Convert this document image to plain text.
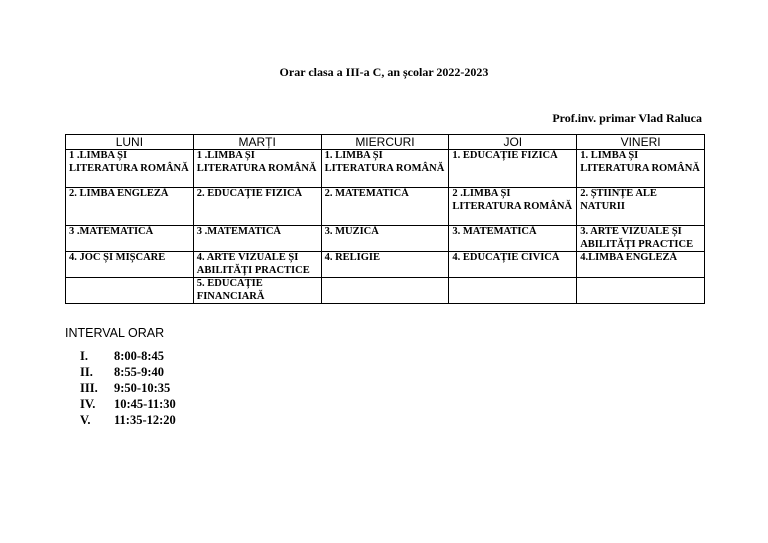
Orar clasa a III-a C, an școlar 2022-2023
Prof.inv. primar Vlad Raluca
LUNI	MARȚI	MIERCURI	JOI	VINERI
1 .LIMBA ȘI LITERATURA ROMÂNĂ	1 .LIMBA ȘI LITERATURA ROMÂNĂ	1. LIMBA ȘI LITERATURA ROMÂNĂ	1. EDUCAȚIE FIZICĂ	1. LIMBA ȘI LITERATURA ROMÂNĂ
2. LIMBA ENGLEZĂ	2. EDUCAȚIE FIZICĂ	2. MATEMATICĂ	2 .LIMBA ȘI LITERATURA ROMÂNĂ	2. ȘTIINȚE ALE NATURII
3 .MATEMATICĂ	3 .MATEMATICĂ	3. MUZICĂ	3. MATEMATICĂ	3. ARTE VIZUALE ȘI ABILITĂȚI PRACTICE
4. JOC ȘI MIȘCARE	4. ARTE VIZUALE ȘI ABILITĂȚI PRACTICE	4. RELIGIE	4. EDUCAȚIE CIVICĂ	4.LIMBA ENGLEZĂ
	5. EDUCAȚIE FINANCIARĂ			
INTERVAL ORAR
I.	8:00-8:45
II.	8:55-9:40
III.	9:50-10:35
IV.	10:45-11:30
V.	11:35-12:20
